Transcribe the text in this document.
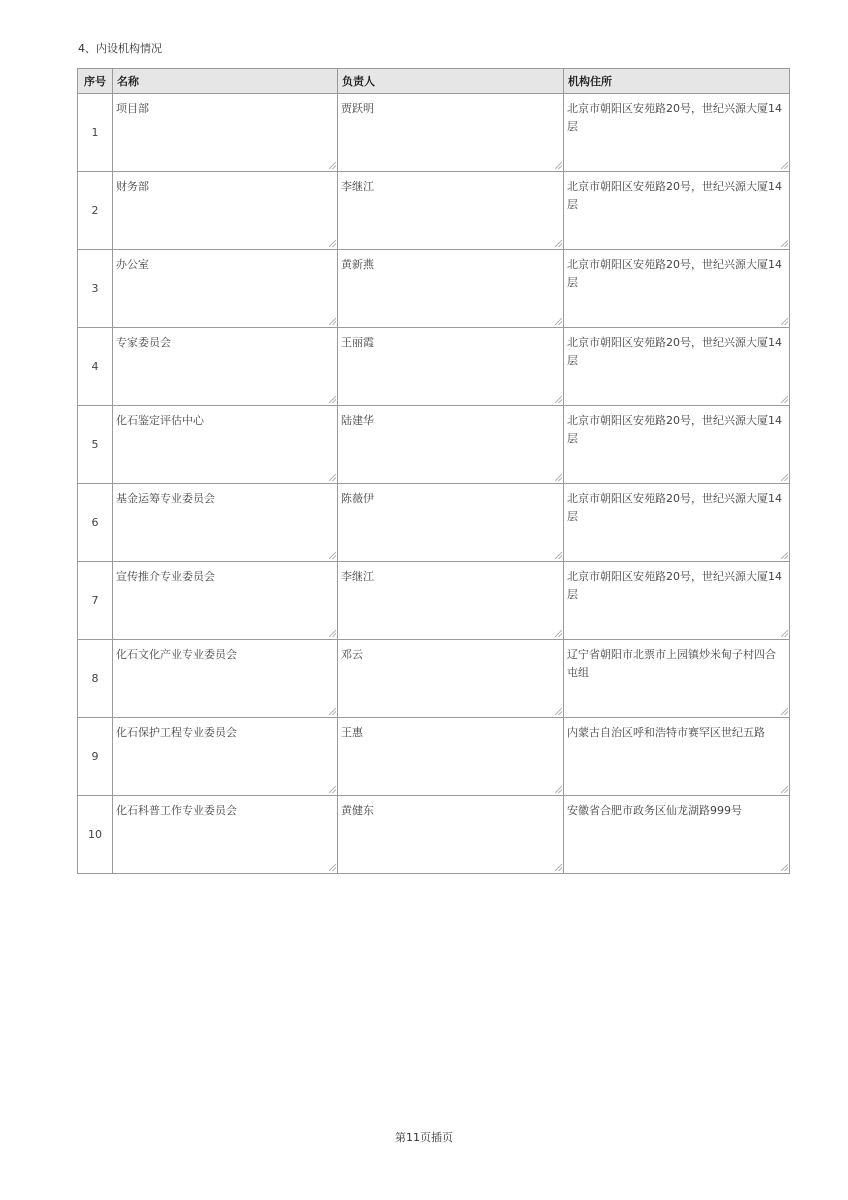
4、内设机构情况
序号	名称	负责人	机构住所
1	项目部	贾跃明	北京市朝阳区安苑路20号，世纪兴源大厦14层

2	财务部	李继江	北京市朝阳区安苑路20号，世纪兴源大厦14层

3	办公室	黄新燕	北京市朝阳区安苑路20号，世纪兴源大厦14层

4	专家委员会	王丽霞	北京市朝阳区安苑路20号，世纪兴源大厦14层

5	化石鉴定评估中心	陆建华	北京市朝阳区安苑路20号，世纪兴源大厦14层

6	基金运筹专业委员会	陈薇伊	北京市朝阳区安苑路20号，世纪兴源大厦14层

7	宣传推介专业委员会	李继江	北京市朝阳区安苑路20号，世纪兴源大厦14层

8	化石文化产业专业委员会	邓云	辽宁省朝阳市北票市上园镇炒米甸子村四合屯组

9	化石保护工程专业委员会	王惠	内蒙古自治区呼和浩特市赛罕区世纪五路

10	化石科普工作专业委员会	黄健东	安徽省合肥市政务区仙龙湖路999号
第11页插页
